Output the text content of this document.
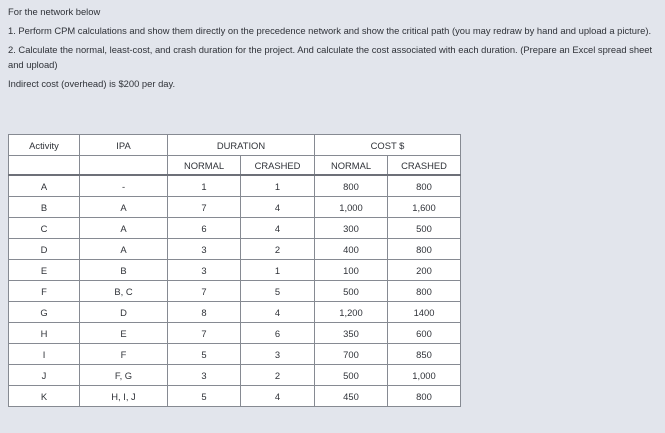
For the network below

1. Perform CPM calculations and show them directly on the precedence network and show the critical path (you may redraw by hand and upload a picture).

2. Calculate the normal, least-cost, and crash duration for the project. And calculate the cost associated with each duration. (Prepare an Excel spread sheet and upload)

Indirect cost (overhead) is $200 per day.

Activity	IPA	DURATION		COST $	
		NORMAL	CRASHED	NORMAL	CRASHED
A	-	1	1	800	800
B	A	7	4	1,000	1,600
C	A	6	4	300	500
D	A	3	2	400	800
E	B	3	1	100	200
F	B, C	7	5	500	800
G	D	8	4	1,200	1400
H	E	7	6	350	600
I	F	5	3	700	850
J	F, G	3	2	500	1,000
K	H, I, J	5	4	450	800
